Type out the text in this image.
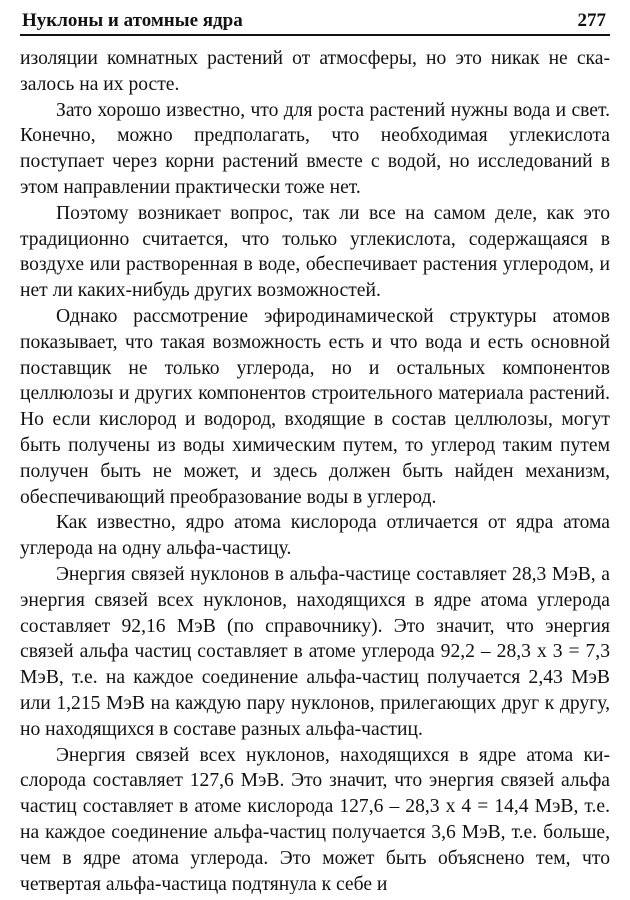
Нуклоны и атомные ядра	277

изоляции комнатных растений от атмосферы, но это никак не сказалось на их росте.

Зато хорошо известно, что для роста растений нужны вода и свет. Конечно, можно предполагать, что необходимая углекислота поступает через корни растений вместе с водой, но исследований в этом направлении практически тоже нет.

Поэтому возникает вопрос, так ли все на самом деле, как это традиционно считается, что только углекислота, содержащаяся в воздухе или растворенная в воде, обеспечивает растения углеродом, и нет ли каких-нибудь других возможностей.

Однако рассмотрение эфиродинамической структуры атомов показывает, что такая возможность есть и что вода и есть основной поставщик не только углерода, но и остальных компонентов целлюлозы и других компонентов строительного материала растений. Но если кислород и водород, входящие в состав целлюлозы, могут быть получены из воды химическим путем, то углерод таким путем получен быть не может, и здесь должен быть найден механизм, обеспечивающий преобразование воды в углерод.

Как известно, ядро атома кислорода отличается от ядра атома углерода на одну альфа-частицу.

Энергия связей нуклонов в альфа-частице составляет 28,3 МэВ, а энергия связей всех нуклонов, находящихся в ядре атома углерода составляет 92,16 МэВ (по справочнику). Это значит, что энергия связей альфа частиц составляет в атоме углерода 92,2 – 28,3 х 3 = 7,3 МэВ, т.е. на каждое соединение альфа-частиц получается 2,43 МэВ или 1,215 МэВ на каждую пару нуклонов, прилегающих друг к другу, но находящихся в составе разных альфа-частиц.

Энергия связей всех нуклонов, находящихся в ядре атома кислорода составляет 127,6 МэВ. Это значит, что энергия связей альфа частиц составляет в атоме кислорода 127,6 – 28,3 х 4 = 14,4 МэВ, т.е. на каждое соединение альфа-частиц получается 3,6 МэВ, т.е. больше, чем в ядре атома углерода. Это может быть объяснено тем, что четвертая альфа-частица подтянула к себе и
